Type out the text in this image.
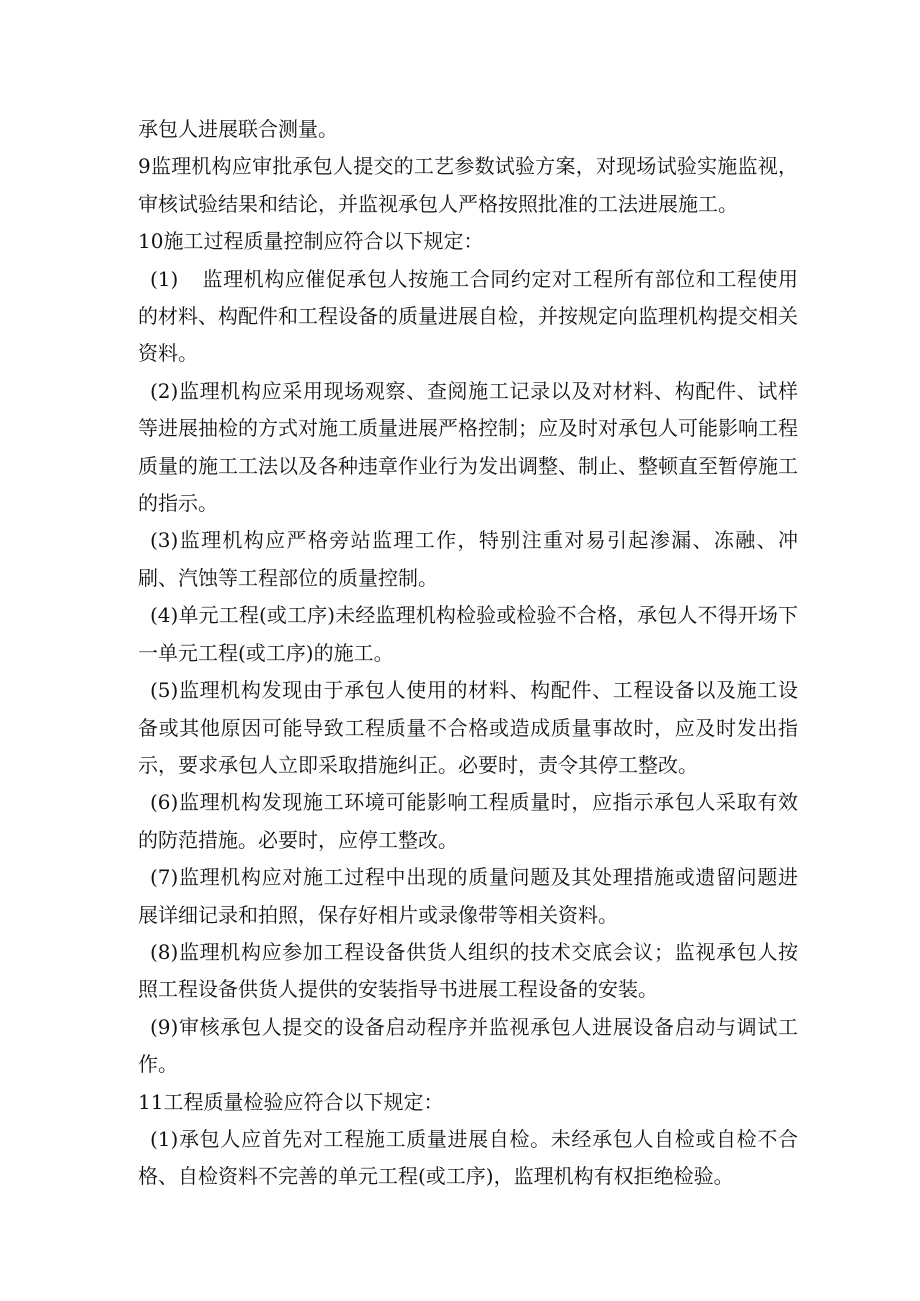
承包人进展联合测量。

9监理机构应审批承包人提交的工艺参数试验方案，对现场试验实施监视，审核试验结果和结论，并监视承包人严格按照批准的工法进展施工。

10施工过程质量控制应符合以下规定：

(1) 监理机构应催促承包人按施工合同约定对工程所有部位和工程使用的材料、构配件和工程设备的质量进展自检，并按规定向监理机构提交相关资料。

(2)监理机构应采用现场观察、查阅施工记录以及对材料、构配件、试样等进展抽检的方式对施工质量进展严格控制；应及时对承包人可能影响工程质量的施工工法以及各种违章作业行为发出调整、制止、整顿直至暂停施工的指示。

(3)监理机构应严格旁站监理工作，特别注重对易引起渗漏、冻融、冲刷、汽蚀等工程部位的质量控制。

(4)单元工程(或工序)未经监理机构检验或检验不合格，承包人不得开场下一单元工程(或工序)的施工。

(5)监理机构发现由于承包人使用的材料、构配件、工程设备以及施工设备或其他原因可能导致工程质量不合格或造成质量事故时，应及时发出指示，要求承包人立即采取措施纠正。必要时，责令其停工整改。

(6)监理机构发现施工环境可能影响工程质量时，应指示承包人采取有效的防范措施。必要时，应停工整改。

(7)监理机构应对施工过程中出现的质量问题及其处理措施或遗留问题进展详细记录和拍照，保存好相片或录像带等相关资料。

(8)监理机构应参加工程设备供货人组织的技术交底会议；监视承包人按照工程设备供货人提供的安装指导书进展工程设备的安装。

(9)审核承包人提交的设备启动程序并监视承包人进展设备启动与调试工作。

11工程质量检验应符合以下规定：

(1)承包人应首先对工程施工质量进展自检。未经承包人自检或自检不合格、自检资料不完善的单元工程(或工序)，监理机构有权拒绝检验。
